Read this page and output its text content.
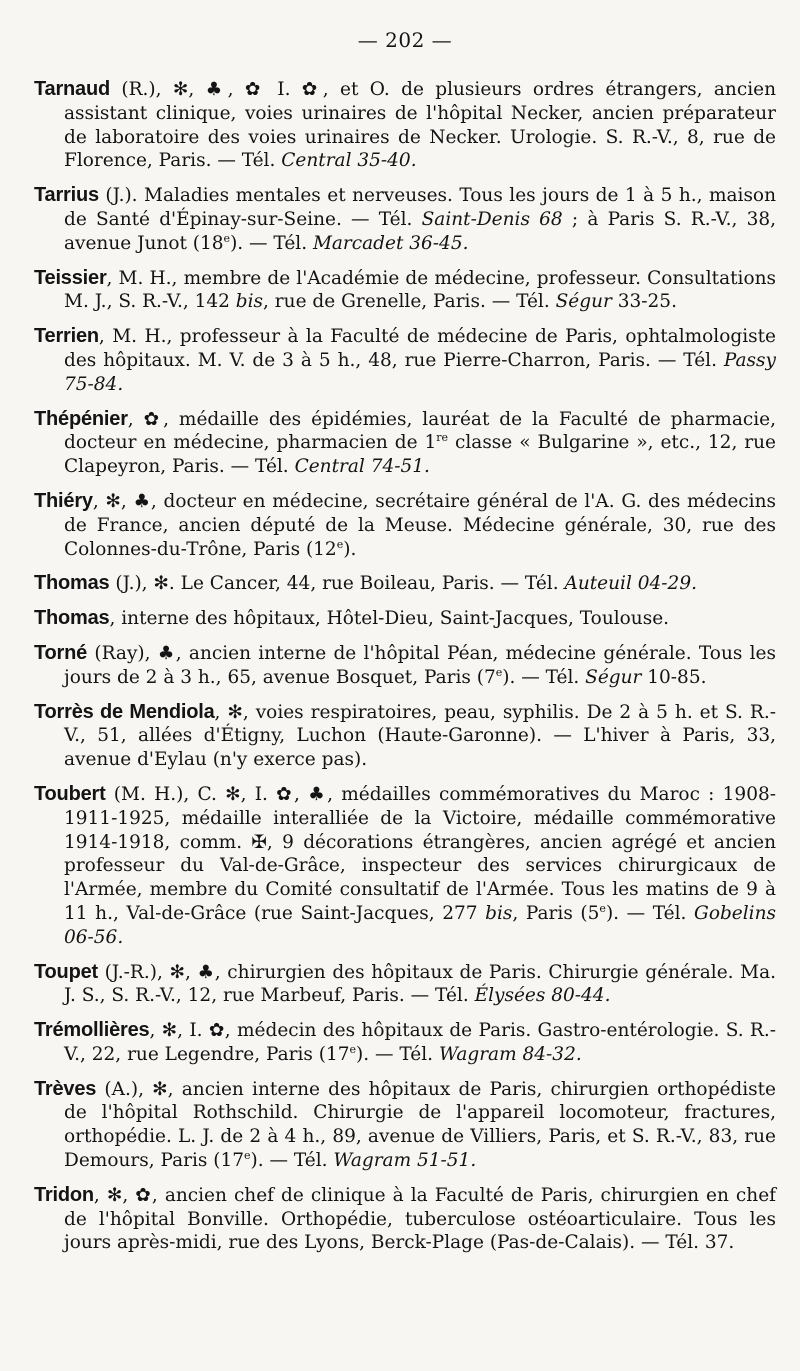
— 202 —

Tarnaud (R.), ✻, ♣, ✿ I. ✿, et O. de plusieurs ordres étrangers, ancien assistant clinique, voies urinaires de l'hôpital Necker, ancien préparateur de laboratoire des voies urinaires de Necker. Urologie. S. R.-V., 8, rue de Florence, Paris. — Tél. Central 35-40.

Tarrius (J.). Maladies mentales et nerveuses. Tous les jours de 1 à 5 h., maison de Santé d'Épinay-sur-Seine. — Tél. Saint-Denis 68 ; à Paris S. R.-V., 38, avenue Junot (18e). — Tél. Marcadet 36-45.

Teissier, M. H., membre de l'Académie de médecine, professeur. Consultations M. J., S. R.-V., 142 bis, rue de Grenelle, Paris. — Tél. Ségur 33-25.

Terrien, M. H., professeur à la Faculté de médecine de Paris, ophtalmologiste des hôpitaux. M. V. de 3 à 5 h., 48, rue Pierre-Charron, Paris. — Tél. Passy 75-84.

Thépénier, ✿, médaille des épidémies, lauréat de la Faculté de pharmacie, docteur en médecine, pharmacien de 1re classe « Bulgarine », etc., 12, rue Clapeyron, Paris. — Tél. Central 74-51.

Thiéry, ✻, ♣, docteur en médecine, secrétaire général de l'A. G. des médecins de France, ancien député de la Meuse. Médecine générale, 30, rue des Colonnes-du-Trône, Paris (12e).

Thomas (J.), ✻. Le Cancer, 44, rue Boileau, Paris. — Tél. Auteuil 04-29.

Thomas, interne des hôpitaux, Hôtel-Dieu, Saint-Jacques, Toulouse.

Torné (Ray), ♣, ancien interne de l'hôpital Péan, médecine générale. Tous les jours de 2 à 3 h., 65, avenue Bosquet, Paris (7e). — Tél. Ségur 10-85.

Torrès de Mendiola, ✻, voies respiratoires, peau, syphilis. De 2 à 5 h. et S. R.-V., 51, allées d'Étigny, Luchon (Haute-Garonne). — L'hiver à Paris, 33, avenue d'Eylau (n'y exerce pas).

Toubert (M. H.), C. ✻, I. ✿, ♣, médailles commémoratives du Maroc : 1908-1911-1925, médaille interalliée de la Victoire, médaille commémorative 1914-1918, comm. ✠, 9 décorations étrangères, ancien agrégé et ancien professeur du Val-de-Grâce, inspecteur des services chirurgicaux de l'Armée, membre du Comité consultatif de l'Armée. Tous les matins de 9 à 11 h., Val-de-Grâce (rue Saint-Jacques, 277 bis, Paris (5e). — Tél. Gobelins 06-56.

Toupet (J.-R.), ✻, ♣, chirurgien des hôpitaux de Paris. Chirurgie générale. Ma. J. S., S. R.-V., 12, rue Marbeuf, Paris. — Tél. Élysées 80-44.

Trémollières, ✻, I. ✿, médecin des hôpitaux de Paris. Gastro-entérologie. S. R.-V., 22, rue Legendre, Paris (17e). — Tél. Wagram 84-32.

Trèves (A.), ✻, ancien interne des hôpitaux de Paris, chirurgien orthopédiste de l'hôpital Rothschild. Chirurgie de l'appareil locomoteur, fractures, orthopédie. L. J. de 2 à 4 h., 89, avenue de Villiers, Paris, et S. R.-V., 83, rue Demours, Paris (17e). — Tél. Wagram 51-51.

Tridon, ✻, ✿, ancien chef de clinique à la Faculté de Paris, chirurgien en chef de l'hôpital Bonville. Orthopédie, tuberculose ostéoarticulaire. Tous les jours après-midi, rue des Lyons, Berck-Plage (Pas-de-Calais). — Tél. 37.
